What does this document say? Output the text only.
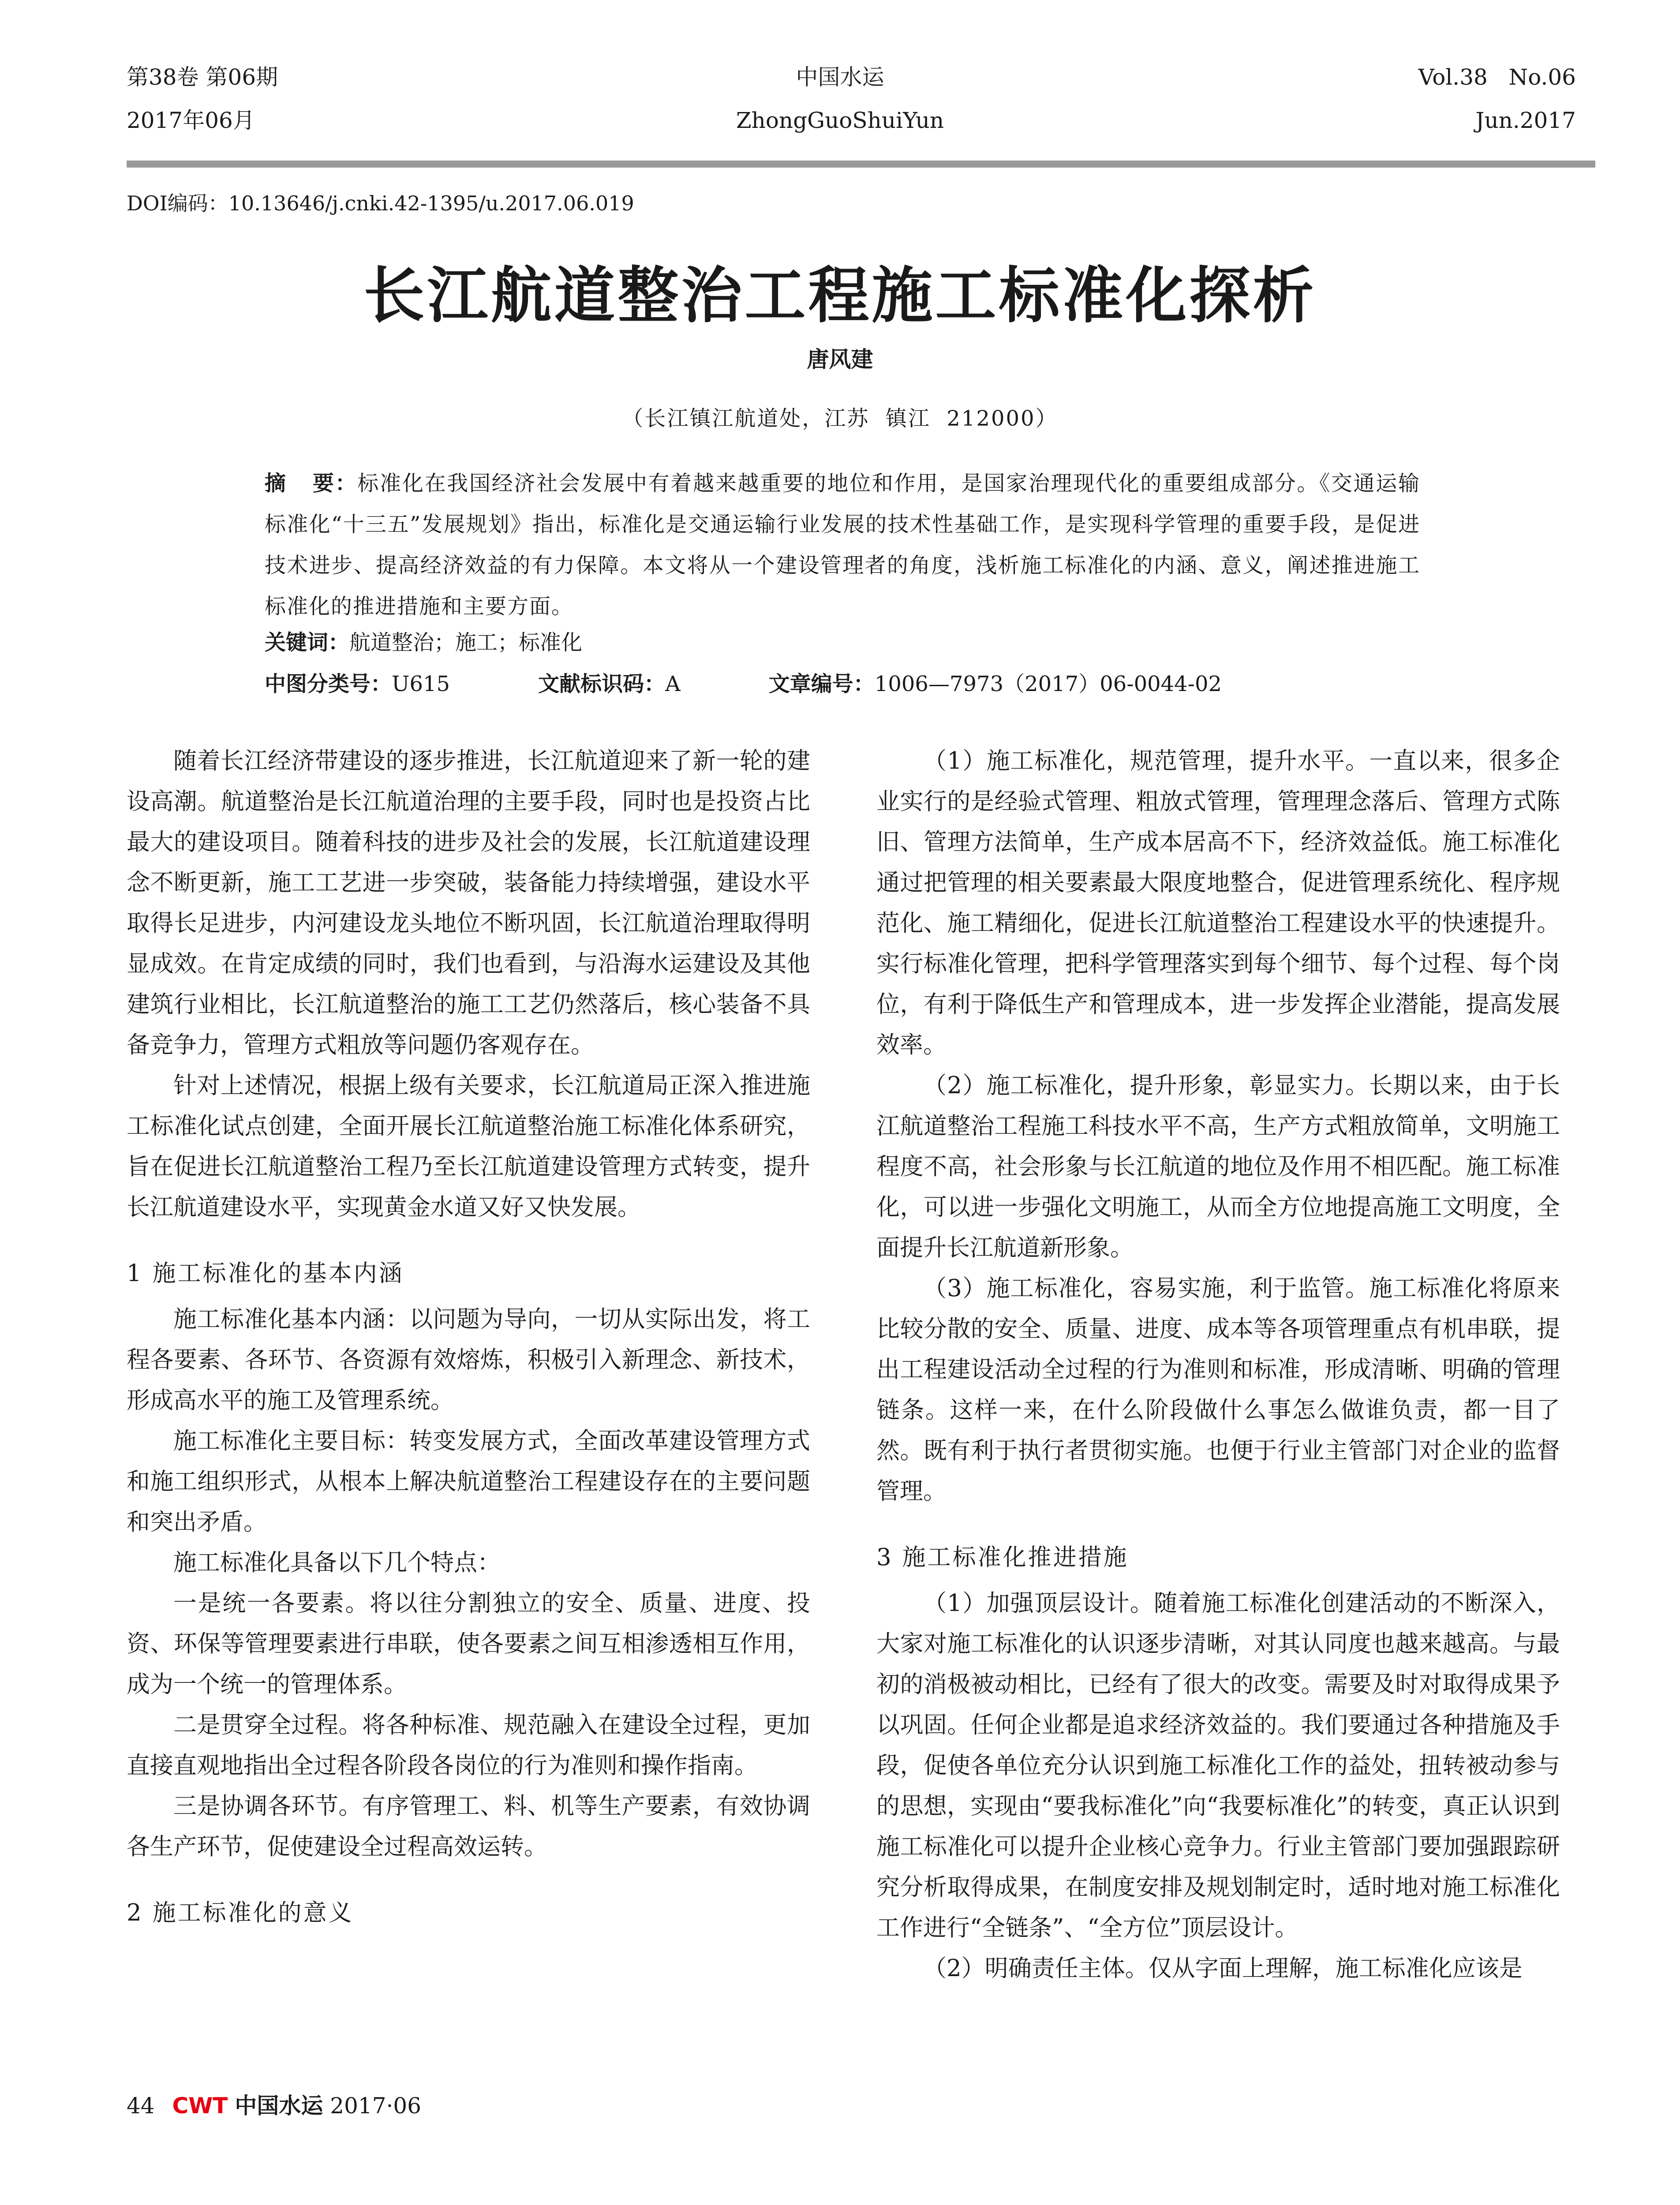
第38卷 第06期
2017年06月
中国水运
ZhongGuoShuiYun
Vol.38   No.06
Jun.2017
DOI编码：10.13646/j.cnki.42-1395/u.2017.06.019
长江航道整治工程施工标准化探析
唐风建
（长江镇江航道处，江苏  镇江  212000）
摘   要：标准化在我国经济社会发展中有着越来越重要的地位和作用，是国家治理现代化的重要组成部分。《交通运输标准化“十三五”发展规划》指出，标准化是交通运输行业发展的技术性基础工作，是实现科学管理的重要手段，是促进技术进步、提高经济效益的有力保障。本文将从一个建设管理者的角度，浅析施工标准化的内涵、意义，阐述推进施工标准化的推进措施和主要方面。
关键词：航道整治；施工；标准化
中图分类号：U615	文献标识码：A	文章编号：1006—7973（2017）06-0044-02

随着长江经济带建设的逐步推进，长江航道迎来了新一轮的建设高潮。航道整治是长江航道治理的主要手段，同时也是投资占比最大的建设项目。随着科技的进步及社会的发展，长江航道建设理念不断更新，施工工艺进一步突破，装备能力持续增强，建设水平取得长足进步，内河建设龙头地位不断巩固，长江航道治理取得明显成效。在肯定成绩的同时，我们也看到，与沿海水运建设及其他建筑行业相比，长江航道整治的施工工艺仍然落后，核心装备不具备竞争力，管理方式粗放等问题仍客观存在。

针对上述情况，根据上级有关要求，长江航道局正深入推进施工标准化试点创建，全面开展长江航道整治施工标准化体系研究，旨在促进长江航道整治工程乃至长江航道建设管理方式转变，提升长江航道建设水平，实现黄金水道又好又快发展。

1 施工标准化的基本内涵

施工标准化基本内涵：以问题为导向，一切从实际出发，将工程各要素、各环节、各资源有效熔炼，积极引入新理念、新技术，形成高水平的施工及管理系统。

施工标准化主要目标：转变发展方式，全面改革建设管理方式和施工组织形式，从根本上解决航道整治工程建设存在的主要问题和突出矛盾。

施工标准化具备以下几个特点：

一是统一各要素。将以往分割独立的安全、质量、进度、投资、环保等管理要素进行串联，使各要素之间互相渗透相互作用，成为一个统一的管理体系。

二是贯穿全过程。将各种标准、规范融入在建设全过程，更加直接直观地指出全过程各阶段各岗位的行为准则和操作指南。

三是协调各环节。有序管理工、料、机等生产要素，有效协调各生产环节，促使建设全过程高效运转。

2 施工标准化的意义

（1）施工标准化，规范管理，提升水平。一直以来，很多企业实行的是经验式管理、粗放式管理，管理理念落后、管理方式陈旧、管理方法简单，生产成本居高不下，经济效益低。施工标准化通过把管理的相关要素最大限度地整合，促进管理系统化、程序规范化、施工精细化，促进长江航道整治工程建设水平的快速提升。实行标准化管理，把科学管理落实到每个细节、每个过程、每个岗位，有利于降低生产和管理成本，进一步发挥企业潜能，提高发展效率。

（2）施工标准化，提升形象，彰显实力。长期以来，由于长江航道整治工程施工科技水平不高，生产方式粗放简单，文明施工程度不高，社会形象与长江航道的地位及作用不相匹配。施工标准化，可以进一步强化文明施工，从而全方位地提高施工文明度，全面提升长江航道新形象。

（3）施工标准化，容易实施，利于监管。施工标准化将原来比较分散的安全、质量、进度、成本等各项管理重点有机串联，提出工程建设活动全过程的行为准则和标准，形成清晰、明确的管理链条。这样一来，在什么阶段做什么事怎么做谁负责，都一目了然。既有利于执行者贯彻实施。也便于行业主管部门对企业的监督管理。

3 施工标准化推进措施

（1）加强顶层设计。随着施工标准化创建活动的不断深入，大家对施工标准化的认识逐步清晰，对其认同度也越来越高。与最初的消极被动相比，已经有了很大的改变。需要及时对取得成果予以巩固。任何企业都是追求经济效益的。我们要通过各种措施及手段，促使各单位充分认识到施工标准化工作的益处，扭转被动参与的思想，实现由“要我标准化”向“我要标准化”的转变，真正认识到施工标准化可以提升企业核心竞争力。行业主管部门要加强跟踪研究分析取得成果，在制度安排及规划制定时，适时地对施工标准化工作进行“全链条”、“全方位”顶层设计。

（2）明确责任主体。仅从字面上理解，施工标准化应该是

44 CWT 中国水运 2017·06
